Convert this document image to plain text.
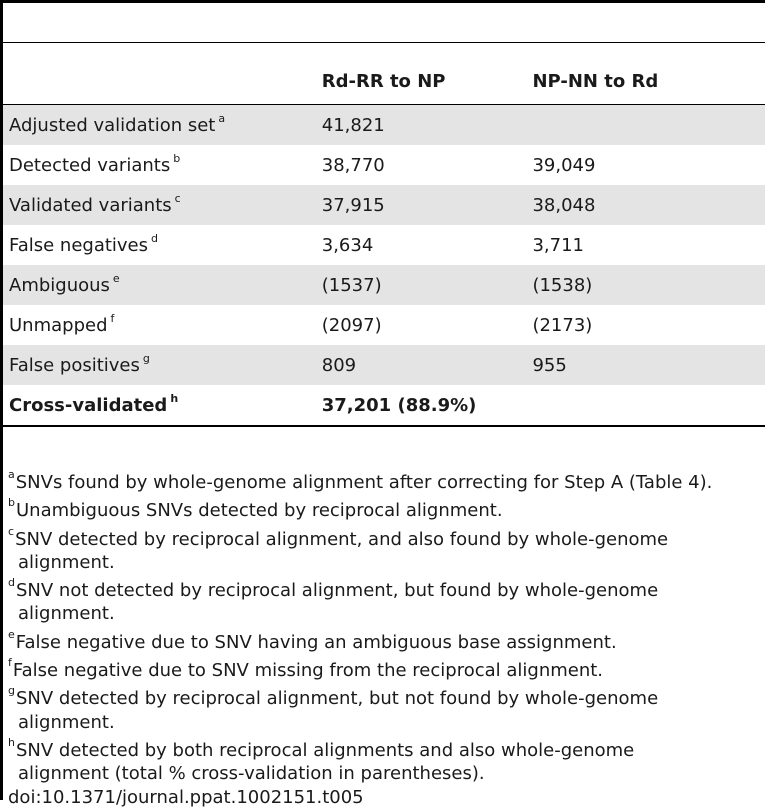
	Rd-RR to NP	NP-NN to Rd
Adjusted validation set $^a$	41,821	
Detected variants $^b$	38,770	39,049
Validated variants $^c$	37,915	38,048
False negatives $^d$	3,634	3,711
Ambiguous $^e$	(1537)	(1538)
Unmapped $^f$	(2097)	(2173)
False positives $^g$	809	955
Cross-validated $^h$	37,201 (88.9%)	
$^a$SNVs found by whole-genome alignment after correcting for Step A (Table 4).
$^b$Unambiguous SNVs detected by reciprocal alignment.
$^c$SNV detected by reciprocal alignment, and also found by whole-genome
alignment.
$^d$SNV not detected by reciprocal alignment, but found by whole-genome
alignment.
$^e$False negative due to SNV having an ambiguous base assignment.
$^f$False negative due to SNV missing from the reciprocal alignment.
$^g$SNV detected by reciprocal alignment, but not found by whole-genome
alignment.
$^h$SNV detected by both reciprocal alignments and also whole-genome
alignment (total % cross-validation in parentheses).
doi:10.1371/journal.ppat.1002151.t005
